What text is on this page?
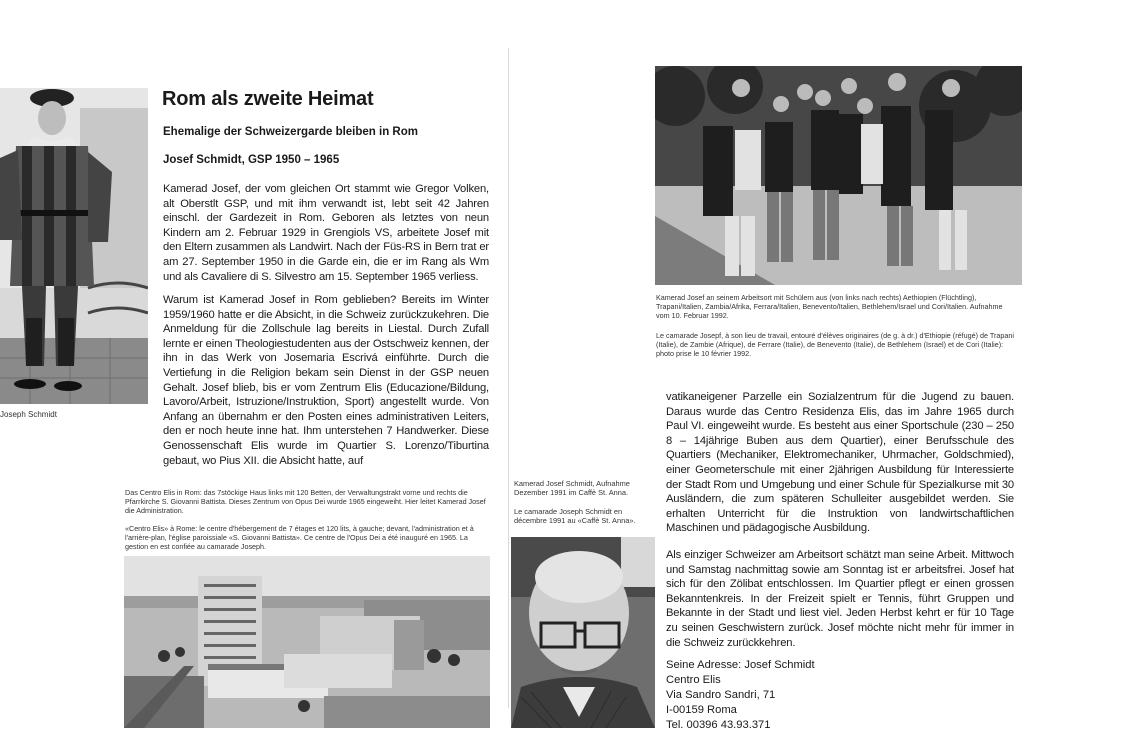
Joseph Schmidt
Rom als zweite Heimat
Ehemalige der Schweizergarde bleiben in Rom
Josef Schmidt, GSP 1950 – 1965

Kamerad Josef, der vom gleichen Ort stammt wie Gregor Volken, alt Oberstlt GSP, und mit ihm verwandt ist, lebt seit 42 Jahren einschl. der Gardezeit in Rom. Geboren als letztes von neun Kindern am 2. Februar 1929 in Grengiols VS, arbeitete Josef mit den Eltern zusammen als Landwirt. Nach der Füs-RS in Bern trat er am 27. September 1950 in die Garde ein, die er im Rang als Wm und als Cavaliere di S. Silvestro am 15. September 1965 verliess.

Warum ist Kamerad Josef in Rom geblieben? Bereits im Winter 1959/1960 hatte er die Absicht, in die Schweiz zurückzukehren. Die Anmeldung für die Zollschule lag bereits in Liestal. Durch Zufall lernte er einen Theologiestudenten aus der Ostschweiz kennen, der ihn in das Werk von Josemaria Escrivá einführte. Durch die Vertiefung in die Religion bekam sein Dienst in der GSP neuen Gehalt. Josef blieb, bis er vom Zentrum Elis (Educazione/Bildung, Lavoro/Arbeit, Istruzione/Instruktion, Sport) angestellt wurde. Von Anfang an übernahm er den Posten eines administrativen Leiters, den er noch heute inne hat. Ihm unterstehen 7 Handwerker. Diese Genossenschaft Elis wurde im Quartier S. Lorenzo/Tiburtina gebaut, wo Pius XII. die Absicht hatte, auf

Das Centro Elis in Rom: das 7stöckige Haus links mit 120 Betten, der Verwaltungstrakt vorne und rechts die Pfarrkirche S. Giovanni Battista. Dieses Zentrum von Opus Dei wurde 1965 eingeweiht. Hier leitet Kamerad Josef die Administration.

«Centro Elis» à Rome: le centre d'hébergement de 7 étages et 120 lits, à gauche; devant, l'administration et à l'arrière-plan, l'église paroissiale «S. Giovanni Battista». Ce centre de l'Opus Dei a été inauguré en 1965. La gestion en est confiée au camarade Joseph.

Kamerad Josef an seinem Arbeitsort mit Schülern aus (von links nach rechts) Aethiopien (Flüchtling), Trapani/Italien, Zambia/Afrika, Ferrara/Italien, Benevento/Italien, Bethlehem/Israel und Cori/Italien. Aufnahme vom 10. Februar 1992.

Le camarade Josepf, à son lieu de travail, entouré d'élèves originaires (de g. à dr.) d'Ethiopie (réfugé) de Trapani (Italie), de Zambie (Afrique), de Ferrare (Italie), de Benevento (Italie), de Bethlehem (Israel) et de Cori (Italie): photo prise le 10 février 1992.

vatikaneigener Parzelle ein Sozialzentrum für die Jugend zu bauen. Daraus wurde das Centro Residenza Elis, das im Jahre 1965 durch Paul VI. eingeweiht wurde. Es besteht aus einer Sportschule (230 – 250 8 – 14jährige Buben aus dem Quartier), einer Berufsschule des Quartiers (Mechaniker, Elektromechaniker, Uhrmacher, Goldschmied), einer Geometerschule mit einer 2jährigen Ausbildung für Interessierte der Stadt Rom und Umgebung und einer Schule für Spezialkurse mit 30 Ausländern, die zum späteren Schulleiter ausgebildet werden. Sie erhalten Unterricht für die Instruktion von landwirtschaftlichen Maschinen und pädagogische Ausbildung.

Als einziger Schweizer am Arbeitsort schätzt man seine Arbeit. Mittwoch und Samstag nachmittag sowie am Sonntag ist er arbeitsfrei. Josef hat sich für den Zölibat entschlossen. Im Quartier pflegt er einen grossen Bekanntenkreis. In der Freizeit spielt er Tennis, führt Gruppen und Bekannte in der Stadt und liest viel. Jeden Herbst kehrt er für 10 Tage zu seinen Geschwistern zurück. Josef möchte nicht mehr für immer in die Schweiz zurückkehren.

Seine Adresse: Josef Schmidt
Centro Elis
Via Sandro Sandri, 71
I-00159 Roma
Tel. 00396 43.93.371

Kamerad Josef Schmidt, Aufnahme Dezember 1991 im Caffè St. Anna.

Le camarade Joseph Schmidt en décembre 1991 au «Caffè St. Anna».
